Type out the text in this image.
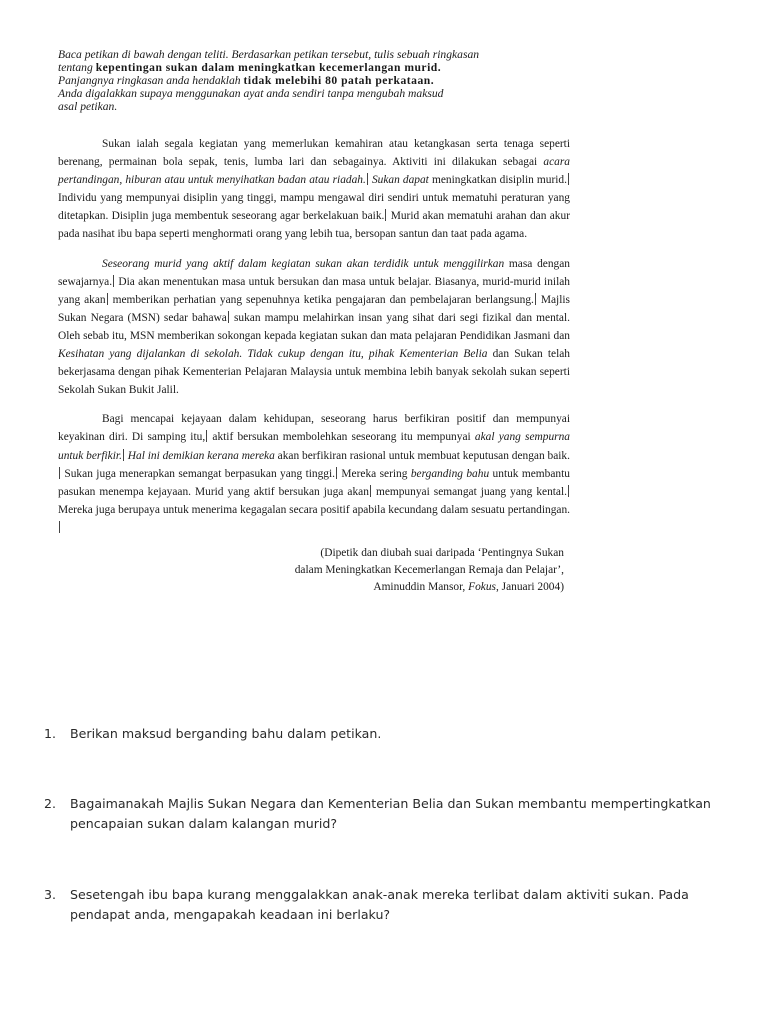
Baca petikan di bawah dengan teliti. Berdasarkan petikan tersebut, tulis sebuah ringkasan
tentang kepentingan sukan dalam meningkatkan kecemerlangan murid.
Panjangnya ringkasan anda hendaklah tidak melebihi 80 patah perkataan.
Anda digalakkan supaya menggunakan ayat anda sendiri tanpa mengubah maksud
asal petikan.

Sukan ialah segala kegiatan yang memerlukan kemahiran atau ketangkasan serta tenaga seperti berenang, permainan bola sepak, tenis, lumba lari dan sebagainya. Aktiviti ini dilakukan sebagai acara pertandingan, hiburan atau untuk menyihatkan badan atau riadah. Sukan dapat meningkatkan disiplin murid. Individu yang mempunyai disiplin yang tinggi, mampu mengawal diri sendiri untuk mematuhi peraturan yang ditetapkan. Disiplin juga membentuk seseorang agar berkelakuan baik. Murid akan mematuhi arahan dan akur pada nasihat ibu bapa seperti menghormati orang yang lebih tua, bersopan santun dan taat pada agama.

Seseorang murid yang aktif dalam kegiatan sukan akan terdidik untuk menggilirkan masa dengan sewajarnya. Dia akan menentukan masa untuk bersukan dan masa untuk belajar. Biasanya, murid-murid inilah yang akan memberikan perhatian yang sepenuhnya ketika pengajaran dan pembelajaran berlangsung. Majlis Sukan Negara (MSN) sedar bahawa sukan mampu melahirkan insan yang sihat dari segi fizikal dan mental. Oleh sebab itu, MSN memberikan sokongan kepada kegiatan sukan dan mata pelajaran Pendidikan Jasmani dan Kesihatan yang dijalankan di sekolah. Tidak cukup dengan itu, pihak Kementerian Belia dan Sukan telah bekerjasama dengan pihak Kementerian Pelajaran Malaysia untuk membina lebih banyak sekolah sukan seperti Sekolah Sukan Bukit Jalil.

Bagi mencapai kejayaan dalam kehidupan, seseorang harus berfikiran positif dan mempunyai keyakinan diri. Di samping itu, aktif bersukan membolehkan seseorang itu mempunyai akal yang sempurna untuk berfikir. Hal ini demikian kerana mereka akan berfikiran rasional untuk membuat keputusan dengan baik. Sukan juga menerapkan semangat berpasukan yang tinggi. Mereka sering berganding bahu untuk membantu pasukan menempa kejayaan. Murid yang aktif bersukan juga akan mempunyai semangat juang yang kental. Mereka juga berupaya untuk menerima kegagalan secara positif apabila kecundang dalam sesuatu pertandingan.

(Dipetik dan diubah suai daripada ‘Pentingnya Sukan
dalam Meningkatkan Kecemerlangan Remaja dan Pelajar’,
Aminuddin Mansor, Fokus, Januari 2004)
1.	Berikan maksud berganding bahu dalam petikan.
2.	Bagaimanakah Majlis Sukan Negara dan Kementerian Belia dan Sukan membantu mempertingkatkan pencapaian sukan dalam kalangan murid?
3.	Sesetengah ibu bapa kurang menggalakkan anak-anak mereka terlibat dalam aktiviti sukan. Pada pendapat anda, mengapakah keadaan ini berlaku?
